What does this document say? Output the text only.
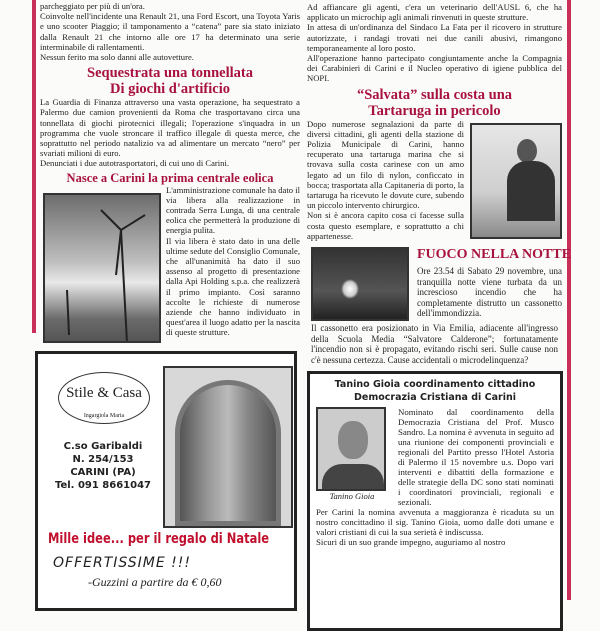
parcheggiato per più di un'ora.

Coinvolte nell'incidente una Renault 21, una Ford Escort, una Toyota Yaris e uno scooter Piaggio; il tamponamento a “catena” pare sia stato iniziato dalla Renault 21 che intorno alle ore 17 ha determinato una serie interminabile di rallentamenti.

Nessun ferito ma solo danni alle autovetture.

Sequestrata una tonnellata
Di giochi d'artificio

La Guardia di Finanza attraverso una vasta operazione, ha sequestrato a Palermo due camion provenienti da Roma che trasportavano circa una tonnellata di giochi pirotecnici illegali; l'operazione s'inquadra in un programma che vuole stroncare il traffico illegale di questa merce, che soprattutto nel periodo natalizio va ad alimentare un mercato “nero” per svariati milioni di euro.

Denunciati i due autotrasportatori, di cui uno di Carini.

Nasce a Carini la prima centrale eolica

L'amministrazione comunale ha dato il via libera alla realizzazione in contrada Serra Lunga, di una centrale eolica che permetterà la produzione di energia pulita.

Il via libera è stato dato in una delle ultime sedute del Consiglio Comunale, che all'unanimità ha dato il suo assenso al progetto di presentazione dalla Api Holding s.p.a. che realizzerà il primo impianto. Così saranno accolte le richieste di numerose aziende che hanno individuato in quest'area il luogo adatto per la nascita di queste strutture.

Stile & Casa
Ingargiola Maria
C.so Garibaldi
N. 254/153
CARINI (PA)
Tel. 091 8661047
Mille idee... per il regalo di Natale
OFFERTISSIME !!!
-Guzzini a partire da € 0,60

Ad affiancare gli agenti, c'era un veterinario dell'AUSL 6, che ha applicato un microchip agli animali rinvenuti in queste strutture.

In attesa di un'ordinanza del Sindaco La Fata per il ricovero in strutture autorizzate, i randagi trovati nei due canili abusivi, rimangono temporaneamente al loro posto.

All'operazione hanno partecipato congiuntamente anche la Compagnia dei Carabinieri di Carini e il Nucleo operativo di igiene pubblica del NOPI.

“Salvata” sulla costa una
Tartaruga in pericolo

Dopo numerose segnalazioni da parte di diversi cittadini, gli agenti della stazione di Polizia Municipale di Carini, hanno recuperato una tartaruga marina che si trovava sulla costa carinese con un amo legato ad un filo di nylon, conficcato in bocca; trasportata alla Capitaneria di porto, la tartaruga ha ricevuto le dovute cure, subendo un piccolo intervento chirurgico.

Non si è ancora capito cosa ci facesse sulla costa questo esemplare, e soprattutto a chi appartenesse.

FUOCO NELLA NOTTE

Ore 23.54 di Sabato 29 novembre, una tranquilla notte viene turbata da un increscioso incendio che ha completamente distrutto un cassonetto dell'immondizzia.

Il cassonetto era posizionato in Via Emilia, adiacente all'ingresso della Scuola Media “Salvatore Calderone”; fortunatamente l'incendio non si è propagato, evitando rischi seri. Sulle cause non c'è nessuna certezza. Cause accidentali o microdelinquenza?

Tanino Gioia coordinamento cittadino
Democrazia Cristiana di Carini
Tanino Gioia

Nominato dal coordinamento della Democrazia Cristiana del Prof. Musco Sandro. La nomina è avvenuta in seguito ad una riunione dei componenti provinciali e regionali del Partito presso l'Hotel Astoria di Palermo il 15 novembre u.s. Dopo vari interventi e dibattiti della formazione e delle strategie della DC sono stati nominati i coordinatori provinciali, regionali e sezionali.

Per Carini la nomina avvenuta a maggioranza è ricaduta su un nostro concittadino il sig. Tanino Gioia, uomo dalle doti umane e valori cristiani di cui la sua serietà è indiscussa.

Sicuri di un suo grande impegno, auguriamo al nostro
